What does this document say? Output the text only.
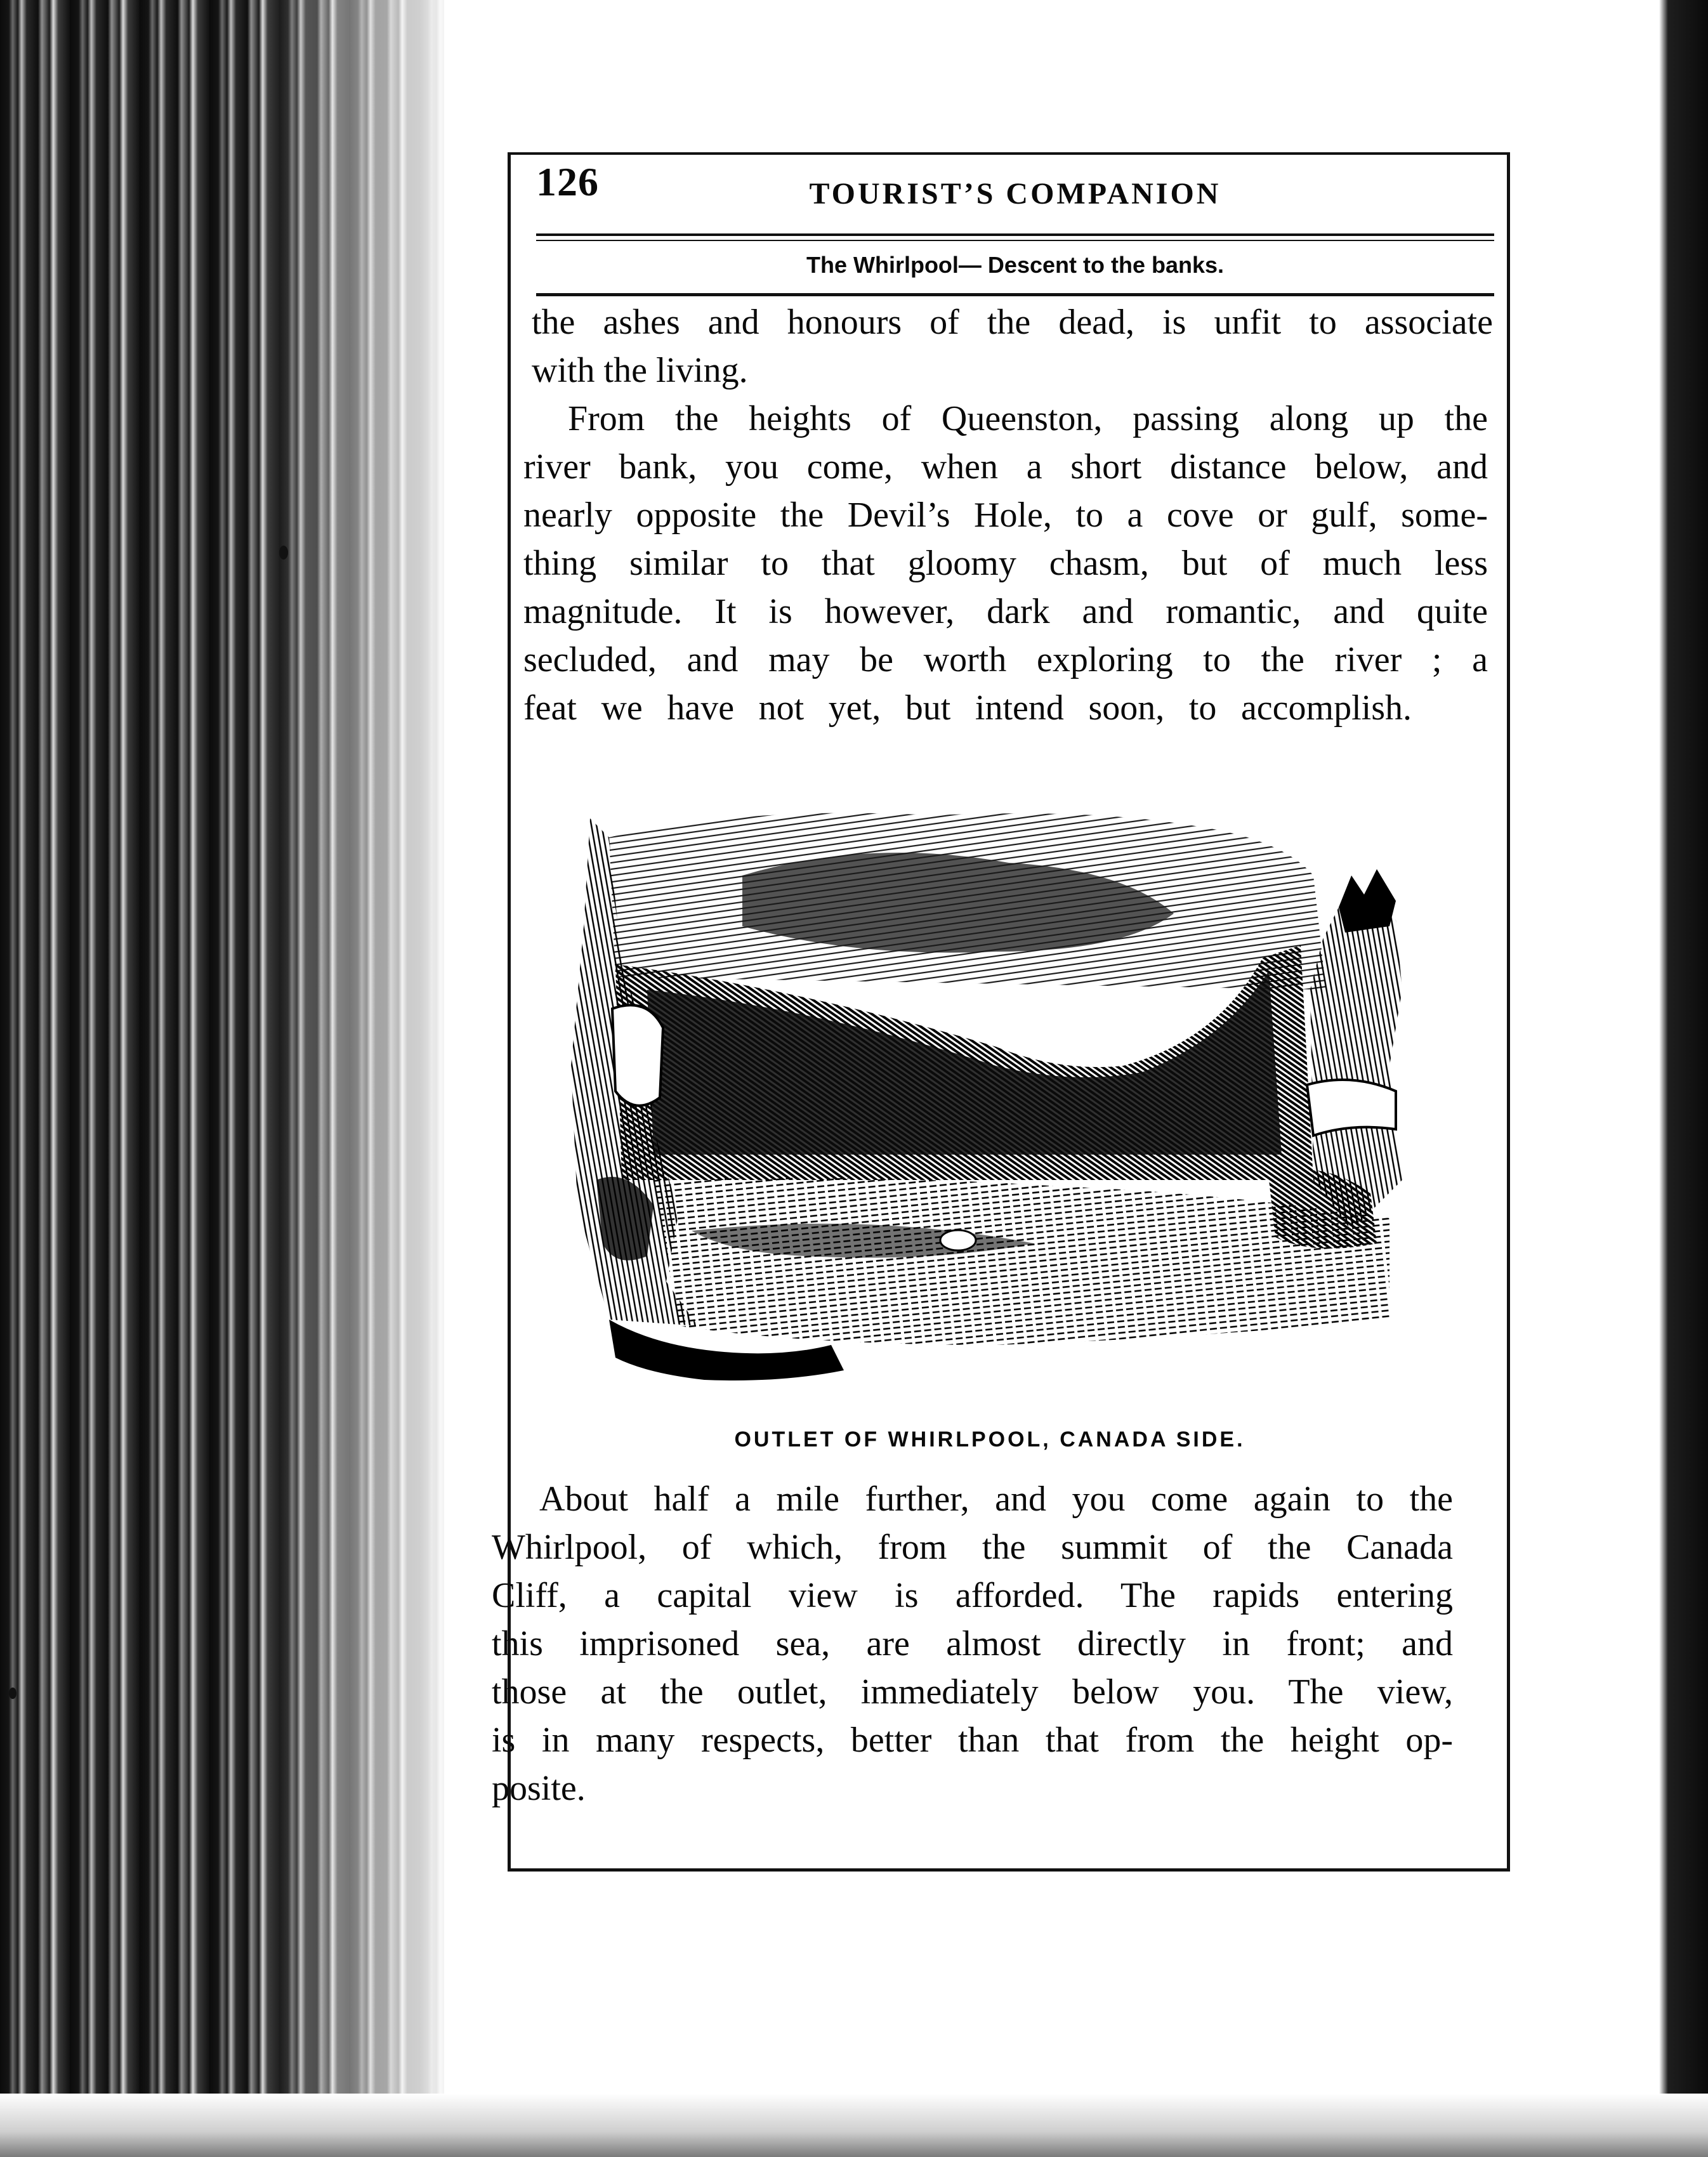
126	TOURIST’S COMPANION
The Whirlpool— Descent to the banks.
the ashes and honours of the dead, is unfit to associate
with the living.
From the heights of Queenston, passing along up the
river bank, you come, when a short distance below, and
nearly opposite the Devil’s Hole, to a cove or gulf, some-
thing similar to that gloomy chasm, but of much less
magnitude. It is however, dark and romantic, and quite
secluded, and may be worth exploring to the river ; a
feat we have not yet, but intend soon, to accomplish.
OUTLET OF WHIRLPOOL, CANADA SIDE.
About half a mile further, and you come again to the
Whirlpool, of which, from the summit of the Canada
Cliff, a capital view is afforded. The rapids entering
this imprisoned sea, are almost directly in front; and
those at the outlet, immediately below you. The view,
is in many respects, better than that from the height op-
posite.
